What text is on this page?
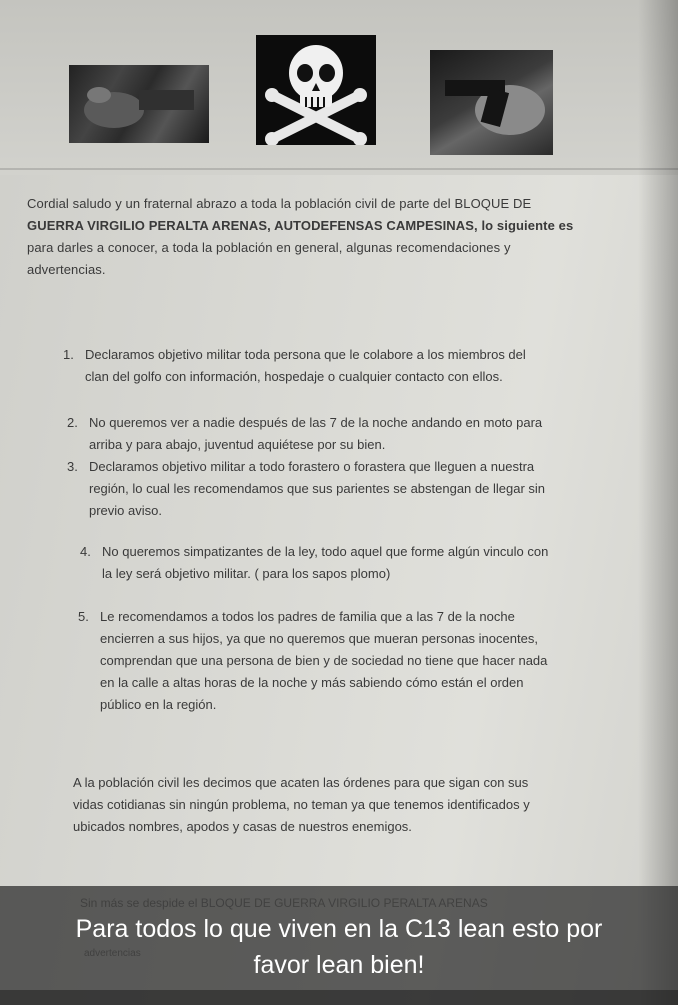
Cordial saludo y un fraternal abrazo a toda la población civil de parte del BLOQUE DE
GUERRA VIRGILIO PERALTA ARENAS, AUTODEFENSAS CAMPESINAS, lo siguiente es
para darles a conocer, a toda la población en general, algunas recomendaciones y
advertencias.
1. Declaramos objetivo militar toda persona que le colabore a los miembros del
clan del golfo con información, hospedaje o cualquier contacto con ellos.
2. No queremos ver a nadie después de las 7 de la noche andando en moto para
arriba y para abajo, juventud aquiétese por su bien.
3. Declaramos objetivo militar a todo forastero o forastera que lleguen a nuestra
región, lo cual les recomendamos que sus parientes se abstengan de llegar sin
previo aviso.
4. No queremos simpatizantes de la ley, todo aquel que forme algún vinculo con
la ley será objetivo militar. ( para los sapos plomo)
5. Le recomendamos a todos los padres de familia que a las 7 de la noche
encierren a sus hijos, ya que no queremos que mueran personas inocentes,
comprendan que una persona de bien y de sociedad no tiene que hacer nada
en la calle a altas horas de la noche y más sabiendo cómo están el orden
público en la región.
A la población civil les decimos que acaten las órdenes para que sigan con sus
vidas cotidianas sin ningún problema, no teman ya que tenemos identificados y
ubicados nombres, apodos y casas de nuestros enemigos.
Para todos lo que viven en la C13 lean esto por
favor lean bien!
